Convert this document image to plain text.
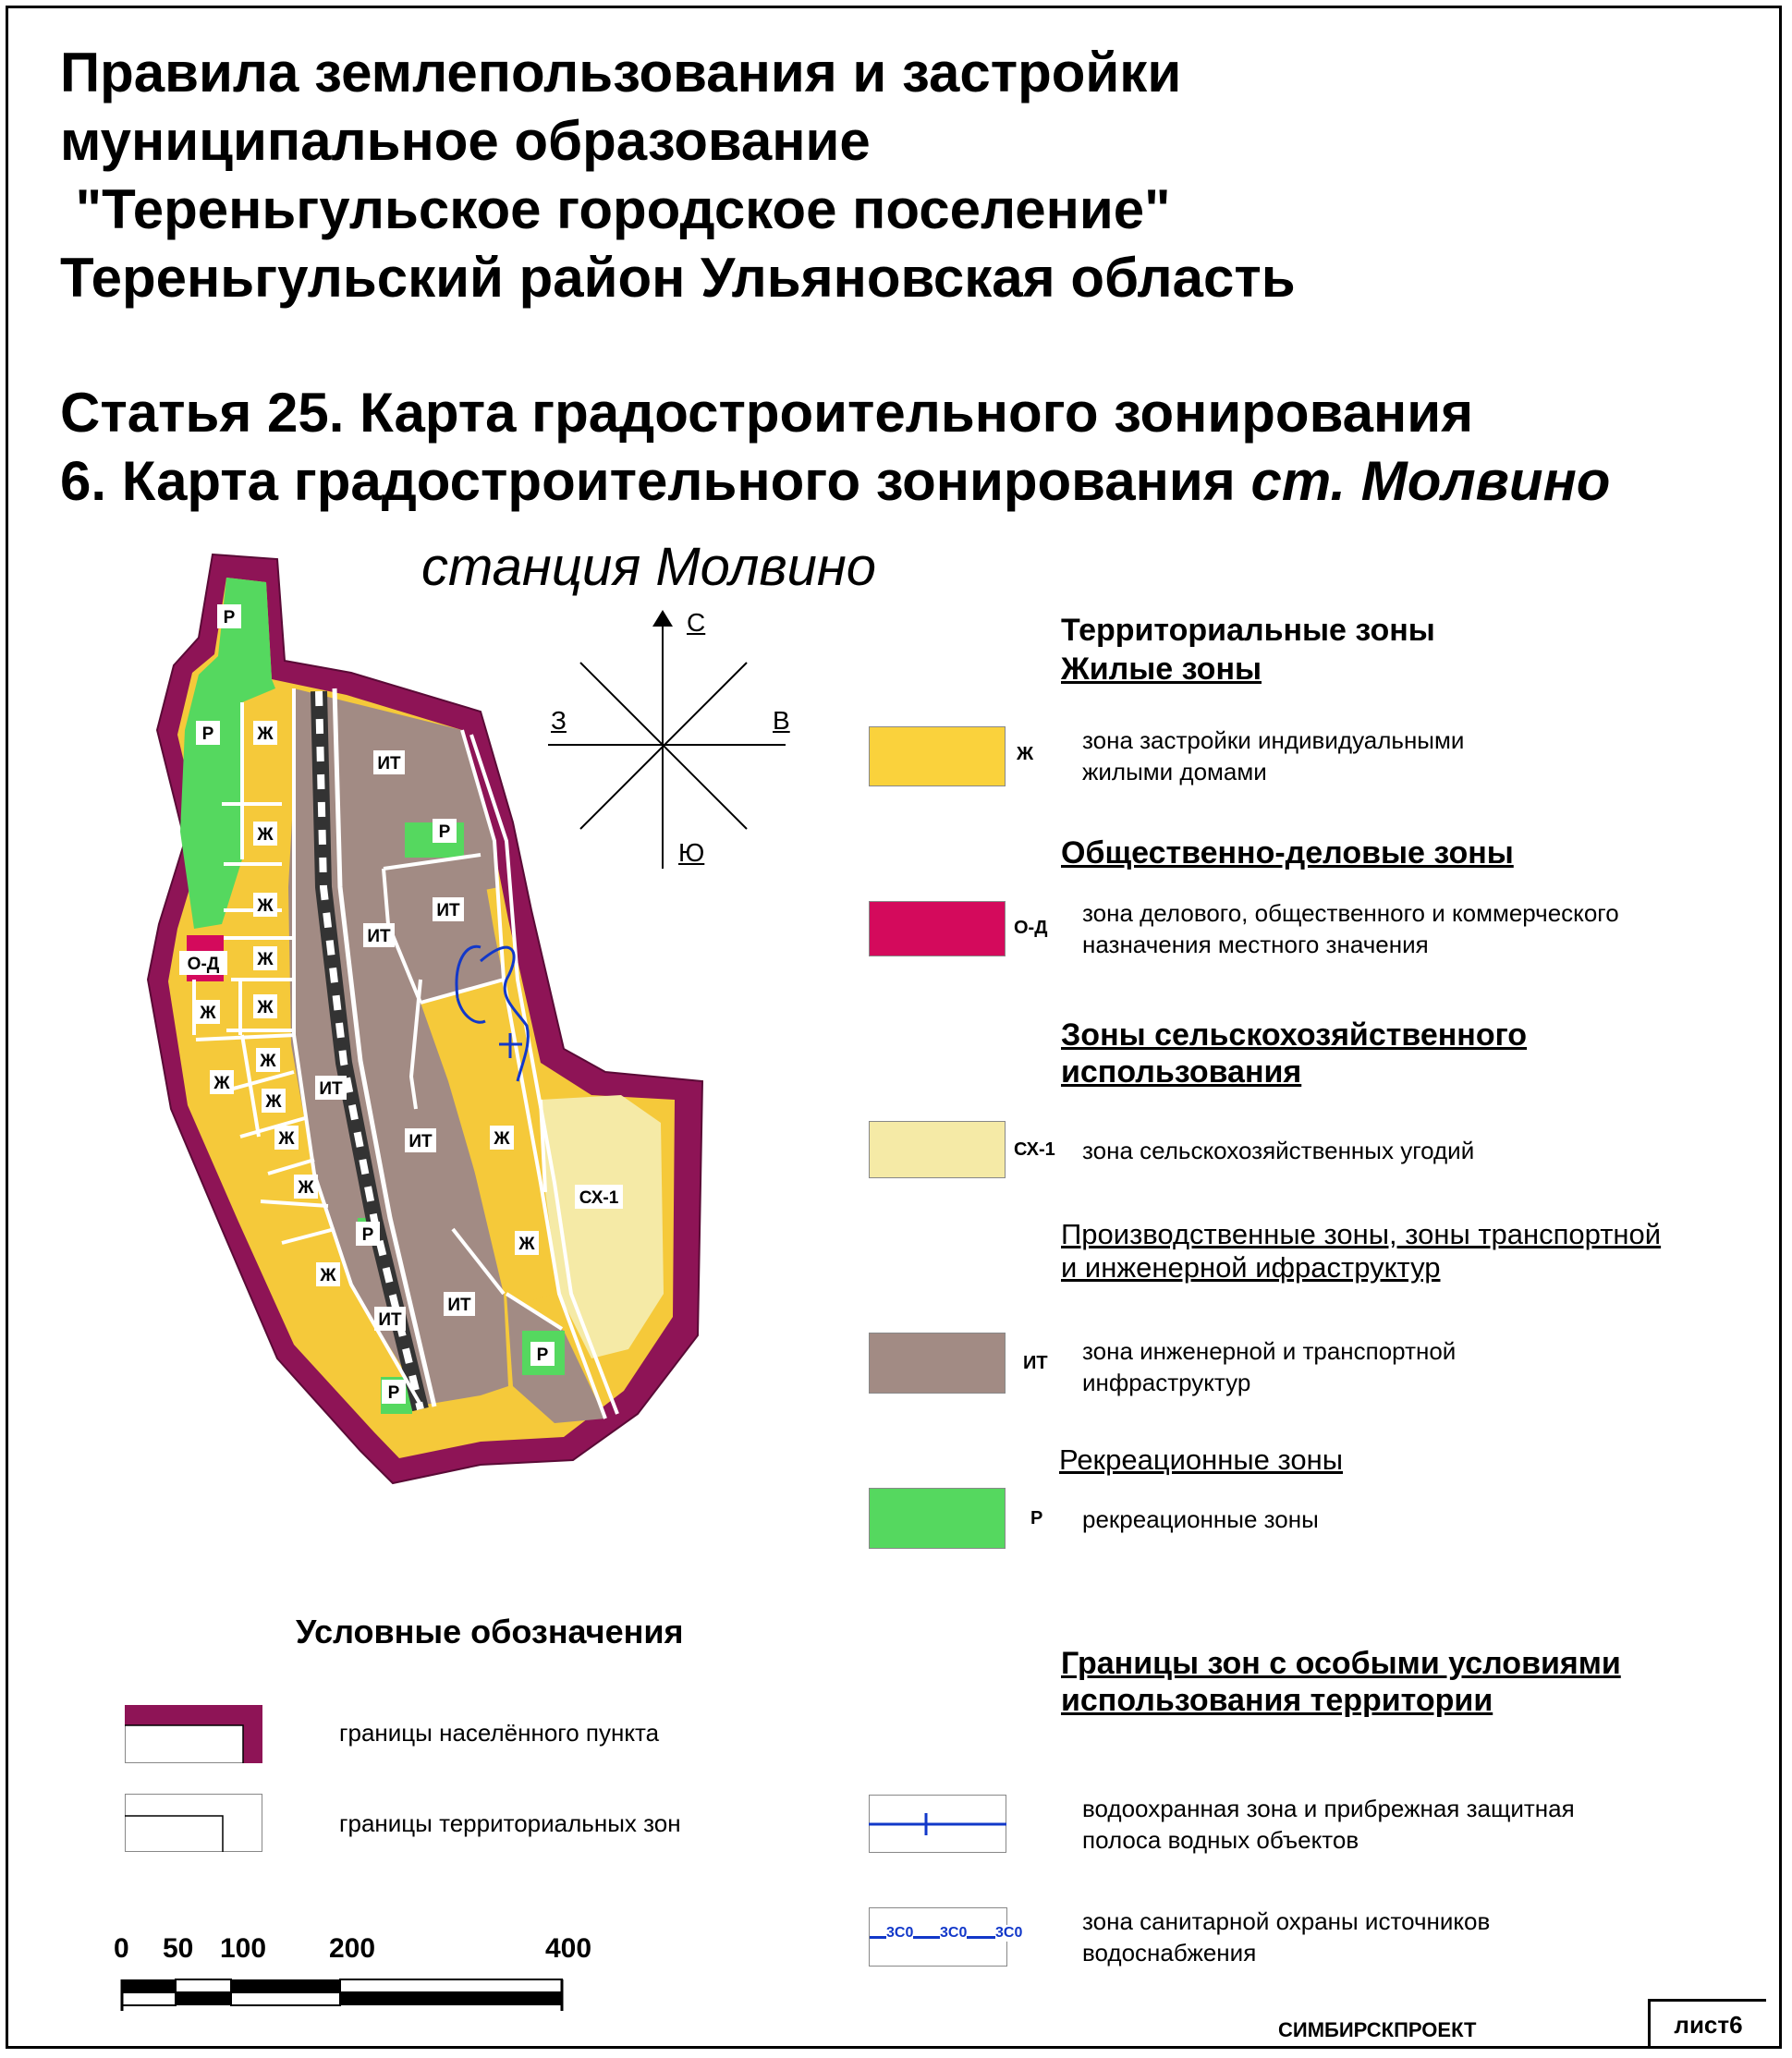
Правила землепользования и застройки
муниципальное образование
"Тереньгульское городское поселение"
Тереньгульский район Ульяновская область
Статья 25. Карта градостроительного зонирования
6. Карта градостроительного зонирования ст. Молвино
станция Молвино
С
В
З
Ю
Р
Р Ж
ИТ
Ж	Р
Ж	ИТ
ИТ
Ж
О-Д
Ж
Ж
Ж
Ж
Ж
ИТ
ИТ
Ж	Ж
СХ-1
Ж
Р
Ж
Ж
ИТ
ИТ
Р
Р
Территориальные зоны
Жилые зоны
Ж зона застройки индивидуальными
жилыми домами
Общественно-деловые зоны
О-Д
зона делового, общественного и коммерческого
назначения местного значения
Зоны сельскохозяйственного
использования
СХ-1 зона сельскохозяйственных угодий
Производственные зоны, зоны транспортной
и инженерной ифраструктур
ИТ зона инженерной и транспортной
инфраструктур
Рекреационные зоны
Р рекреационные зоны
Границы зон с особыми условиями
использования территории
водоохранная зона и прибрежная защитная
полоса водных объектов
3С0 3С0 3С0 зона санитарной охраны источников
водоснабжения
Условные обозначения
границы населённого пункта
границы территориальных зон
0 50 100 200	400
СИМБИРСКПРОЕКТ	лист6
